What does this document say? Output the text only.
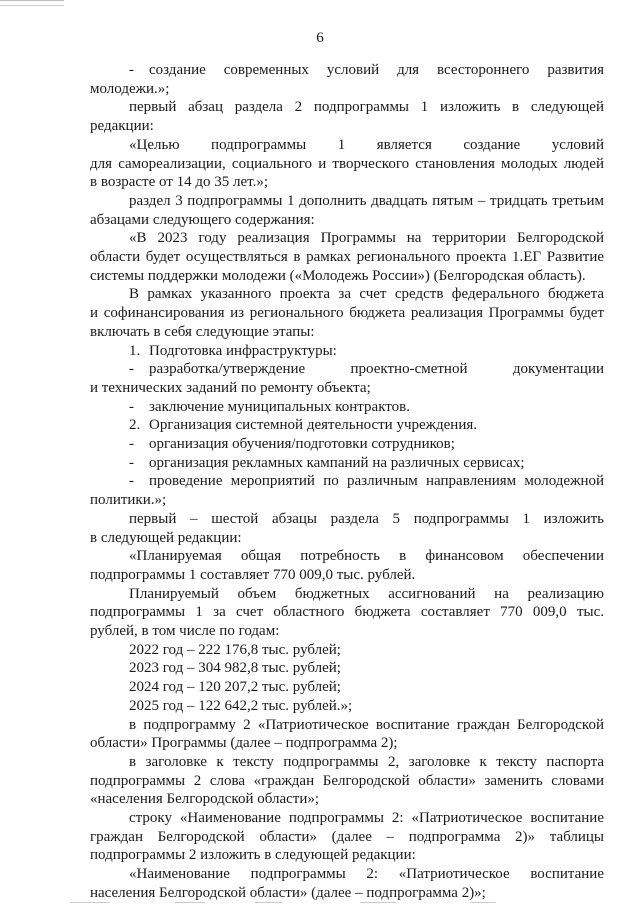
6
-	создание современных условий для всестороннего развития
молодежи.»;
первый абзац раздела 2 подпрограммы 1 изложить в следующей
редакции:
«Целью подпрограммы 1 является создание условий
для самореализации, социального и творческого становления молодых людей
в возрасте от 14 до 35 лет.»;
раздел 3 подпрограммы 1 дополнить двадцать пятым – тридцать третьим
абзацами следующего содержания:
«В 2023 году реализация Программы на территории Белгородской
области будет осуществляться в рамках регионального проекта 1.ЕГ Развитие
системы поддержки молодежи («Молодежь России») (Белгородская область).
В рамках указанного проекта за счет средств федерального бюджета
и софинансирования из регионального бюджета реализация Программы будет
включать в себя следующие этапы:
1. Подготовка инфраструктуры:
-	разработка/утверждение проектно-сметной документации
и технических заданий по ремонту объекта;
-	заключение муниципальных контрактов.
2. Организация системной деятельности учреждения.
-	организация обучения/подготовки сотрудников;
-	организация рекламных кампаний на различных сервисах;
-	проведение мероприятий по различным направлениям молодежной
политики.»;
первый – шестой абзацы раздела 5 подпрограммы 1 изложить
в следующей редакции:
«Планируемая общая потребность в финансовом обеспечении
подпрограммы 1 составляет 770 009,0 тыс. рублей.
Планируемый объем бюджетных ассигнований на реализацию
подпрограммы 1 за счет областного бюджета составляет 770 009,0 тыс.
рублей, в том числе по годам:
2022 год – 222 176,8 тыс. рублей;
2023 год – 304 982,8 тыс. рублей;
2024 год – 120 207,2 тыс. рублей;
2025 год – 122 642,2 тыс. рублей.»;
в подпрограмму 2 «Патриотическое воспитание граждан Белгородской
области» Программы (далее – подпрограмма 2);
в заголовке к тексту подпрограммы 2, заголовке к тексту паспорта
подпрограммы 2 слова «граждан Белгородской области» заменить словами
«населения Белгородской области»;
строку «Наименование подпрограммы 2: «Патриотическое воспитание
граждан Белгородской области» (далее – подпрограмма 2)» таблицы
подпрограммы 2 изложить в следующей редакции:
«Наименование подпрограммы 2: «Патриотическое воспитание
населения Белгородской области» (далее – подпрограмма 2)»;
